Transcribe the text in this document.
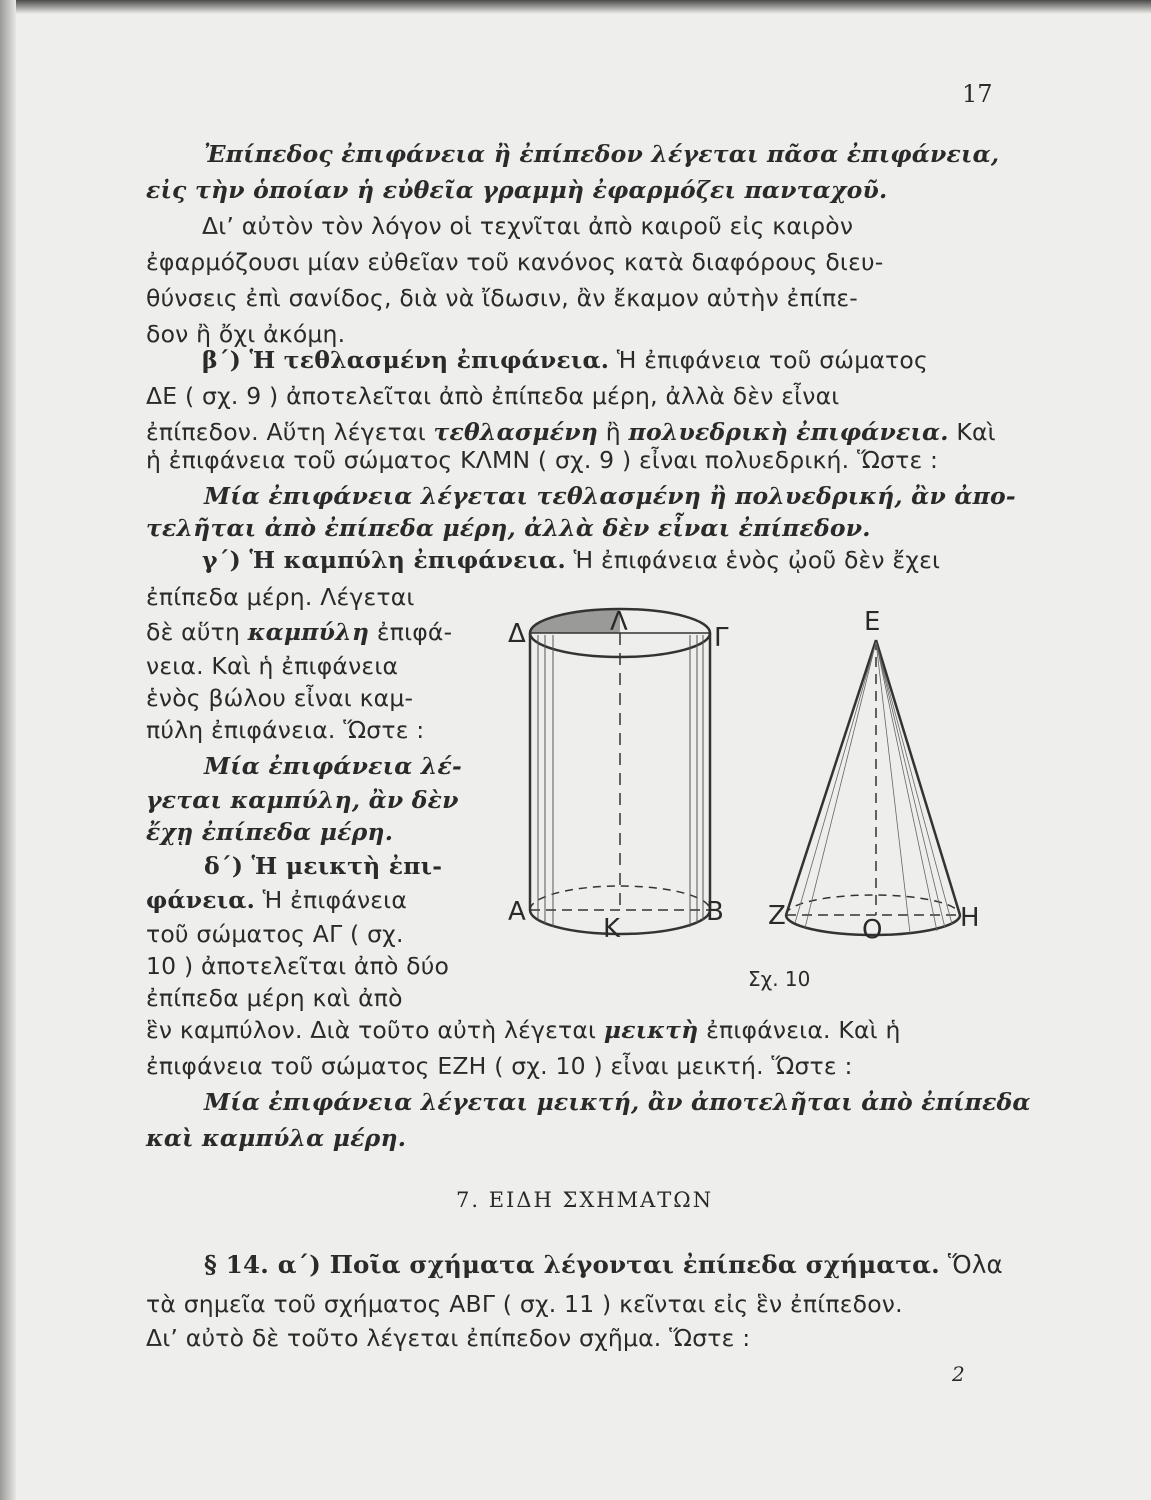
17
Ἐπίπεδος ἐπιφάνεια ἢ ἐπίπεδον λέγεται πᾶσα ἐπιφάνεια,
εἰς τὴν ὁποίαν ἡ εὐθεῖα γραμμὴ ἐφαρμόζει πανταχοῦ.
Δι’ αὐτὸν τὸν λόγον οἱ τεχνῖται ἀπὸ καιροῦ εἰς καιρὸν
ἐφαρμόζουσι μίαν εὐθεῖαν τοῦ κανόνος κατὰ διαφόρους διευ-
θύνσεις ἐπὶ σανίδος, διὰ νὰ ἴδωσιν, ἂν ἔκαμον αὐτὴν ἐπίπε-
δον ἢ ὄχι ἀκόμη.
β΄) Ἡ τεθλασμένη ἐπιφάνεια. Ἡ ἐπιφάνεια τοῦ σώματος
ΔΕ ( σχ. 9 ) ἀποτελεῖται ἀπὸ ἐπίπεδα μέρη, ἀλλὰ δὲν εἶναι
ἐπίπεδον. Αὕτη λέγεται τεθλασμένη ἢ πολυεδρικὴ ἐπιφάνεια. Καὶ
ἡ ἐπιφάνεια τοῦ σώματος ΚΛΜΝ ( σχ. 9 ) εἶναι πολυεδρική. Ὥστε :
Μία ἐπιφάνεια λέγεται τεθλασμένη ἢ πολυεδρική, ἂν ἀπο-
τελῆται ἀπὸ ἐπίπεδα μέρη, ἀλλὰ δὲν εἶναι ἐπίπεδον.
γ΄) Ἡ καμπύλη ἐπιφάνεια. Ἡ ἐπιφάνεια ἑνὸς ᾠοῦ δὲν ἔχει
ἐπίπεδα μέρη. Λέγεται
δὲ αὕτη καμπύλη ἐπιφά-
νεια. Καὶ ἡ ἐπιφάνεια
ἑνὸς βώλου εἶναι καμ-
πύλη ἐπιφάνεια. Ὥστε :
Μία ἐπιφάνεια λέ-
γεται καμπύλη, ἂν δὲν
ἔχῃ ἐπίπεδα μέρη.
δ΄) Ἡ μεικτὴ ἐπι-
φάνεια. Ἡ ἐπιφάνεια
τοῦ σώματος ΑΓ ( σχ.
10 ) ἀποτελεῖται ἀπὸ δύο
ἐπίπεδα μέρη καὶ ἀπὸ
ἓν καμπύλον. Διὰ τοῦτο αὐτὴ λέγεται μεικτὴ ἐπιφάνεια. Καὶ ἡ
ἐπιφάνεια τοῦ σώματος ΕΖΗ ( σχ. 10 ) εἶναι μεικτή. Ὥστε :
Μία ἐπιφάνεια λέγεται μεικτή, ἂν ἀποτελῆται ἀπὸ ἐπίπεδα
καὶ καμπύλα μέρη.
7. ΕΙΔΗ ΣΧΗΜΑΤΩΝ
§ 14. α΄) Ποῖα σχήματα λέγονται ἐπίπεδα σχήματα. Ὅλα
τὰ σημεῖα τοῦ σχήματος ΑΒΓ ( σχ. 11 ) κεῖνται εἰς ἓν ἐπίπεδον.
Δι’ αὐτὸ δὲ τοῦτο λέγεται ἐπίπεδον σχῆμα. Ὥστε :
2
Δ	Λ
Γ
Α
Κ
Β
Ε
Ζ	Ο	Η
Σχ. 10
